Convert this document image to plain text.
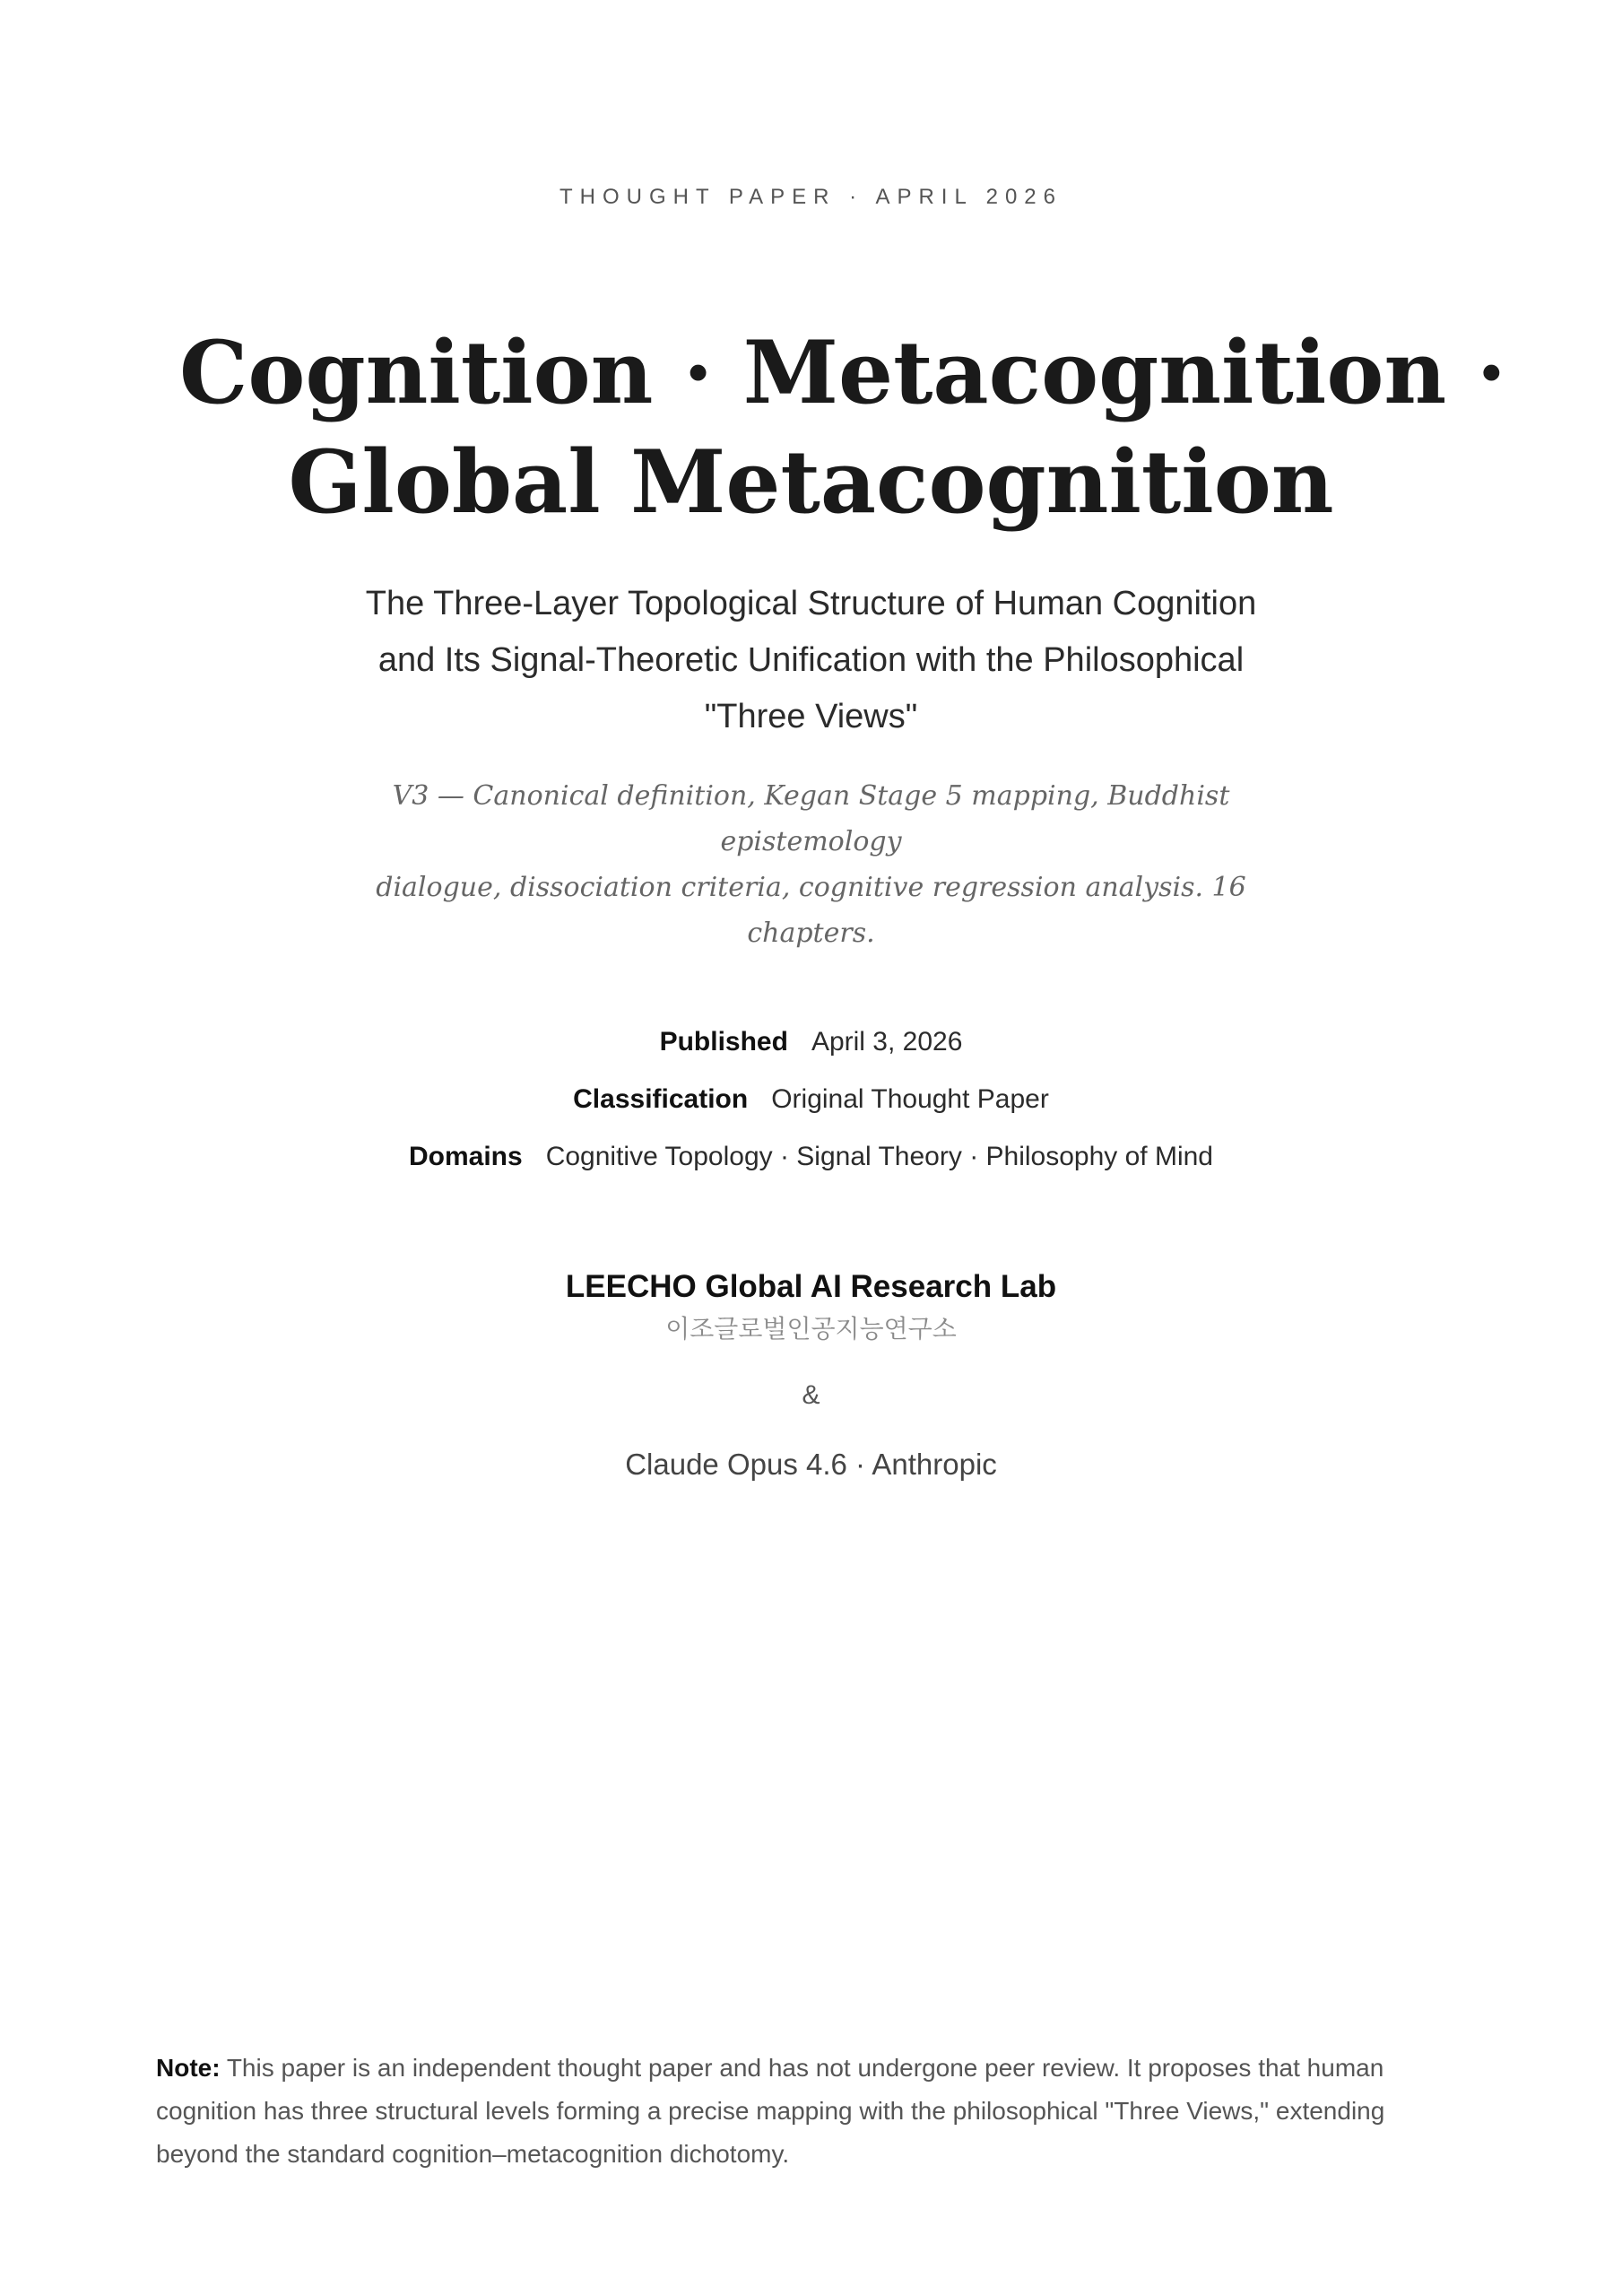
THOUGHT PAPER · APRIL 2026
Cognition · Metacognition ·
Global Metacognition
The Three-Layer Topological Structure of Human Cognition
and Its Signal-Theoretic Unification with the Philosophical
"Three Views"
V3 — Canonical definition, Kegan Stage 5 mapping, Buddhist epistemology
dialogue, dissociation criteria, cognitive regression analysis. 16 chapters.
Published April 3, 2026
Classification Original Thought Paper
Domains Cognitive Topology · Signal Theory · Philosophy of Mind
LEECHO Global AI Research Lab
이조글로벌인공지능연구소
&
Claude Opus 4.6 · Anthropic
Note: This paper is an independent thought paper and has not undergone peer review. It proposes that human cognition has three structural levels forming a precise mapping with the philosophical "Three Views," extending beyond the standard cognition–metacognition dichotomy.
